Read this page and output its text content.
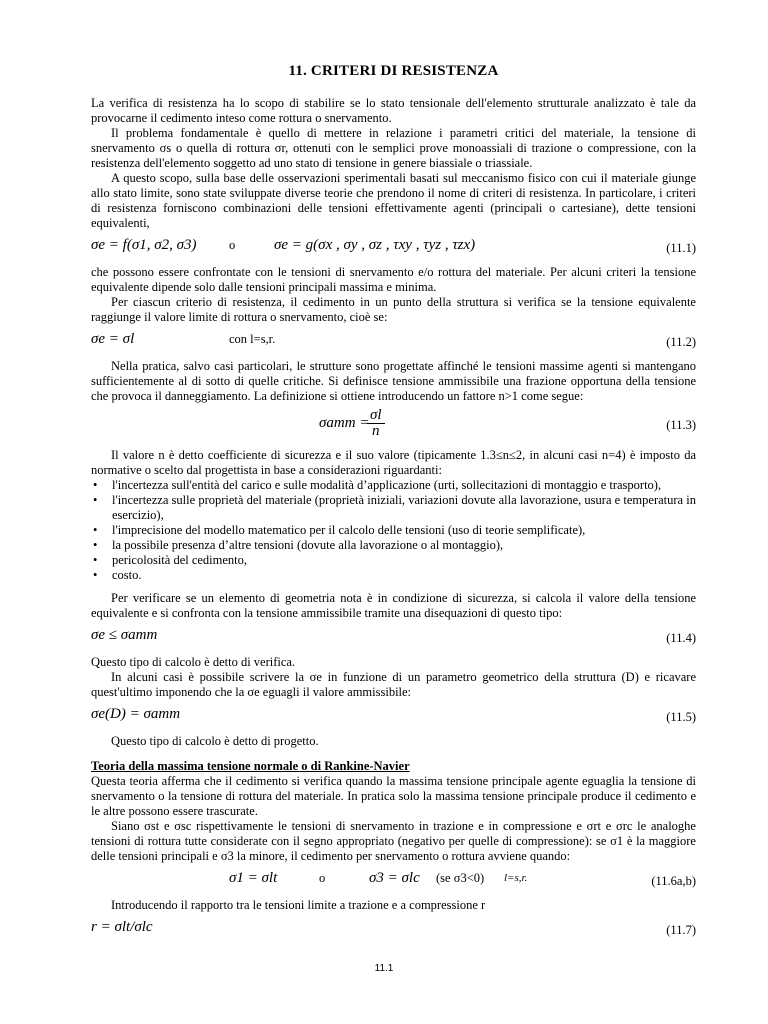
11. CRITERI DI RESISTENZA

La verifica di resistenza ha lo scopo di stabilire se lo stato tensionale dell'elemento strutturale analizzato è tale da provocarne il cedimento inteso come rottura o snervamento.

Il problema fondamentale è quello di mettere in relazione i parametri critici del materiale, la tensione di snervamento σs o quella di rottura σr, ottenuti con le semplici prove monoassiali di trazione o compressione, con la resistenza dell'elemento soggetto ad uno stato di tensione in genere biassiale o triassiale.

A questo scopo, sulla base delle osservazioni sperimentali basati sul meccanismo fisico con cui il materiale giunge allo stato limite, sono state sviluppate diverse teorie che prendono il nome di criteri di resistenza. In particolare, i criteri di resistenza forniscono combinazioni delle tensioni effettivamente agenti (principali o cartesiane), dette tensioni equivalenti,

σe = f(σ1, σ2, σ3)	o	σe = g(σx , σy , σz , τxy , τyz , τzx)	(11.1)

che possono essere confrontate con le tensioni di snervamento e/o rottura del materiale. Per alcuni criteri la tensione equivalente dipende solo dalle tensioni principali massima e minima.

Per ciascun criterio di resistenza, il cedimento in un punto della struttura si verifica se la tensione equivalente raggiunge il valore limite di rottura o snervamento, cioè se:

σe = σl	con l=s,r.	(11.2)

Nella pratica, salvo casi particolari, le strutture sono progettate affinché le tensioni massime agenti si mantengano sufficientemente al di sotto di quelle critiche. Si definisce tensione ammissibile una frazione opportuna della tensione che provoca il danneggiamento. La definizione si ottiene introducendo un fattore n>1 come segue:

σamm =
$\frac{\sigma l}{n}$	(11.3)

Il valore n è detto coefficiente di sicurezza e il suo valore (tipicamente 1.3≤n≤2, in alcuni casi n=4) è imposto da normative o scelto dal progettista in base a considerazioni riguardanti:

• l'incertezza sull'entità del carico e sulle modalità d’applicazione (urti, sollecitazioni di montaggio e trasporto),
• l'incertezza sulle proprietà del materiale (proprietà iniziali, variazioni dovute alla lavorazione, usura e temperatura in esercizio),
• l'imprecisione del modello matematico per il calcolo delle tensioni (uso di teorie semplificate),
• la possibile presenza d’altre tensioni (dovute alla lavorazione o al montaggio),
• pericolosità del cedimento,
• costo.

Per verificare se un elemento di geometria nota è in condizione di sicurezza, si calcola il valore della tensione equivalente e si confronta con la tensione ammissibile tramite una disequazioni di questo tipo:

σe ≤ σamm	(11.4)

Questo tipo di calcolo è detto di verifica.

In alcuni casi è possibile scrivere la σe in funzione di un parametro geometrico della struttura (D) e ricavare quest'ultimo imponendo che la σe eguagli il valore ammissibile:

σe(D) = σamm	(11.5)

Questo tipo di calcolo è detto di progetto.

Teoria della massima tensione normale o di Rankine-Navier

Questa teoria afferma che il cedimento si verifica quando la massima tensione principale agente eguaglia la tensione di snervamento o la tensione di rottura del materiale. In pratica solo la massima tensione principale produce il cedimento e le altre possono essere trascurate.

Siano σst e σsc rispettivamente le tensioni di snervamento in trazione e in compressione e σrt e σrc le analoghe tensioni di rottura tutte considerate con il segno appropriato (negativo per quelle di compressione): se σ1 è la maggiore delle tensioni principali e σ3 la minore, il cedimento per snervamento o rottura avviene quando:

σ1 = σlt	o	σ3 = σlc (se σ3<0) l=s,r.	(11.6a,b)

Introducendo il rapporto tra le tensioni limite a trazione e a compressione r

r = σlt/σlc	(11.7)
11.1
